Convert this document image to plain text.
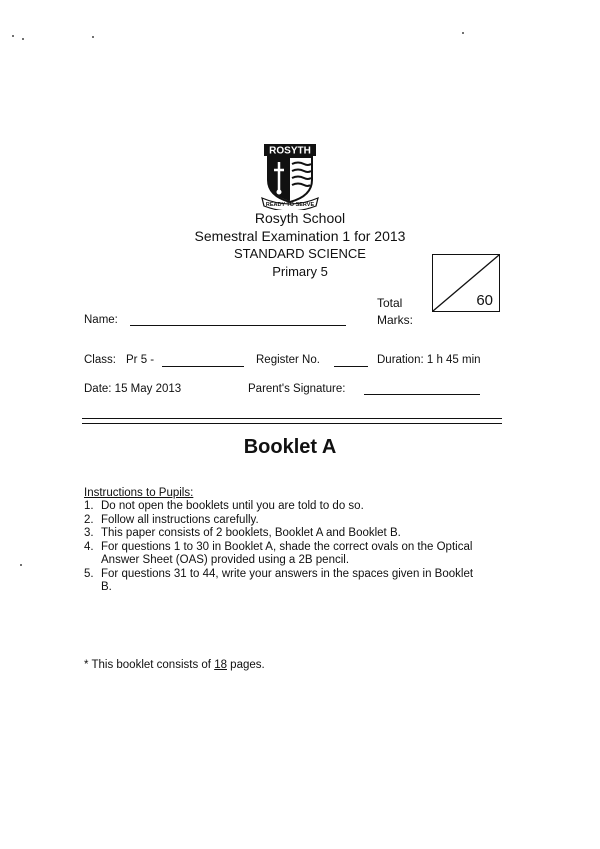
ROSYTH
READY TO SERVE
Rosyth School
Semestral Examination 1 for 2013
STANDARD SCIENCE
Primary 5
60
Total
Marks:
Name:
Class: Pr 5 -	Register No.	Duration: 1 h 45 min
Date: 15 May 2013	Parent's Signature:
Booklet A
Instructions to Pupils:
1. Do not open the booklets until you are told to do so.
2. Follow all instructions carefully.
3. This paper consists of 2 booklets, Booklet A and Booklet B.
4. For questions 1 to 30 in Booklet A, shade the correct ovals on the Optical Answer Sheet (OAS) provided using a 2B pencil.
5. For questions 31 to 44, write your answers in the spaces given in Booklet B.
* This booklet consists of 18 pages.
